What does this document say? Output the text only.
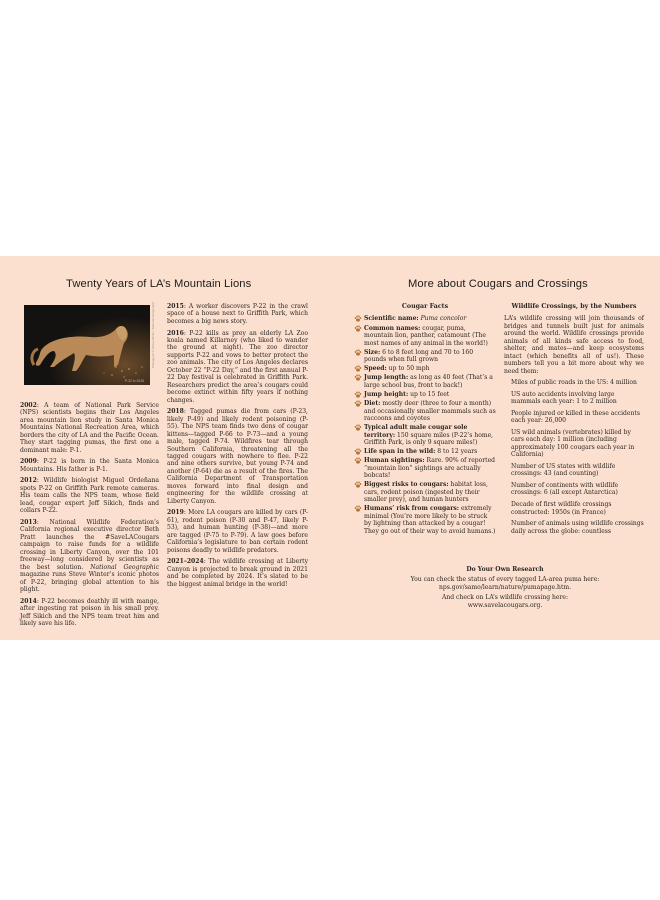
Twenty Years of LA’s Mountain Lions
P-22 in 2015
Photograph © Steve Winter / National Geographic

2002: A team of National Park Service (NPS) scientists begins their Los Angeles area mountain lion study in Santa Monica Mountains National Recreation Area, which borders the city of LA and the Pacific Ocean. They start tagging pumas, the first one a dominant male: P-1.

2009: P-22 is born in the Santa Monica Mountains. His father is P-1.

2012: Wildlife biologist Miguel Ordeñana spots P-22 on Griffith Park remote cameras. His team calls the NPS team, whose field lead, cougar expert Jeff Sikich, finds and collars P-22.

2013: National Wildlife Federation’s California regional executive director Beth Pratt launches the #SaveLACougars campaign to raise funds for a wildlife crossing in Liberty Canyon, over the 101 freeway—long considered by scientists as the best solution. National Geographic magazine runs Steve Winter’s iconic photos of P-22, bringing global attention to his plight.

2014: P-22 becomes deathly ill with mange, after ingesting rat poison in his small prey. Jeff Sikich and the NPS team treat him and likely save his life.

2015: A worker discovers P-22 in the crawl space of a house next to Griffith Park, which becomes a big news story.

2016: P-22 kills as prey an elderly LA Zoo koala named Killarney (who liked to wander the ground at night). The zoo director supports P-22 and vows to better protect the zoo animals. The city of Los Angeles declares October 22 “P-22 Day,” and the first annual P-22 Day festival is celebrated in Griffith Park. Researchers predict the area’s cougars could become extinct within fifty years if nothing changes.

2018: Tagged pumas die from cars (P-23, likely P-49) and likely rodent poisoning (P-55). The NPS team finds two dens of cougar kittens—tagged P-66 to P-73—and a young male, tagged P-74. Wildfires tear through Southern California, threatening all the tagged cougars with nowhere to flee. P-22 and nine others survive, but young P-74 and another (P-64) die as a result of the fires. The California Department of Transportation moves forward into final design and engineering for the wildlife crossing at Liberty Canyon.

2019: More LA cougars are killed by cars (P-61), rodent poison (P-30 and P-47, likely P-53), and human hunting (P-38)—and more are tagged (P-75 to P-79). A law goes before California’s legislature to ban certain rodent poisons deadly to wildlife predators.

2021–2024: The wildlife crossing at Liberty Canyon is projected to break ground in 2021 and be completed by 2024. It’s slated to be the biggest animal bridge in the world!

More about Cougars and Crossings
Cougar Facts
Scientific name: Puma concolor
Common names: cougar, puma, mountain lion, panther, catamount (The most names of any animal in the world!)
Size: 6 to 8 feet long and 70 to 160 pounds when full grown
Speed: up to 50 mph
Jump length: as long as 40 feet (That’s a large school bus, front to back!)
Jump height: up to 15 feet
Diet: mostly deer (three to four a month) and occasionally smaller mammals such as raccoons and coyotes
Typical adult male cougar sole territory: 150 square miles (P-22’s home, Griffith Park, is only 9 square miles!)
Life span in the wild: 8 to 12 years
Human sightings: Rare. 90% of reported “mountain lion” sightings are actually bobcats!
Biggest risks to cougars: habitat loss, cars, rodent poison (ingested by their smaller prey), and human hunters
Humans’ risk from cougars: extremely minimal (You’re more likely to be struck by lightning than attacked by a cougar! They go out of their way to avoid humans.)
Wildlife Crossings, by the Numbers

LA’s wildlife crossing will join thousands of bridges and tunnels built just for animals around the world. Wildlife crossings provide animals of all kinds safe access to food, shelter, and mates—and keep ecosystems intact (which benefits all of us!). These numbers tell you a bit more about why we need them:

Miles of public roads in the US: 4 million

US auto accidents involving large mammals each year: 1 to 2 million

People injured or killed in these accidents each year: 26,000

US wild animals (vertebrates) killed by cars each day: 1 million (including approximately 100 cougars each year in California)

Number of US states with wildlife crossings: 43 (and counting)

Number of continents with wildlife crossings: 6 (all except Antarctica)

Decade of first wildlife crossings constructed: 1950s (in France)

Number of animals using wildlife crossings daily across the globe: countless

Do Your Own Research
You can check the status of every tagged LA-area puma here:
nps.gov/samo/learn/nature/pumapage.htm.
And check on LA’s wildlife crossing here:
www.savelacougars.org.
